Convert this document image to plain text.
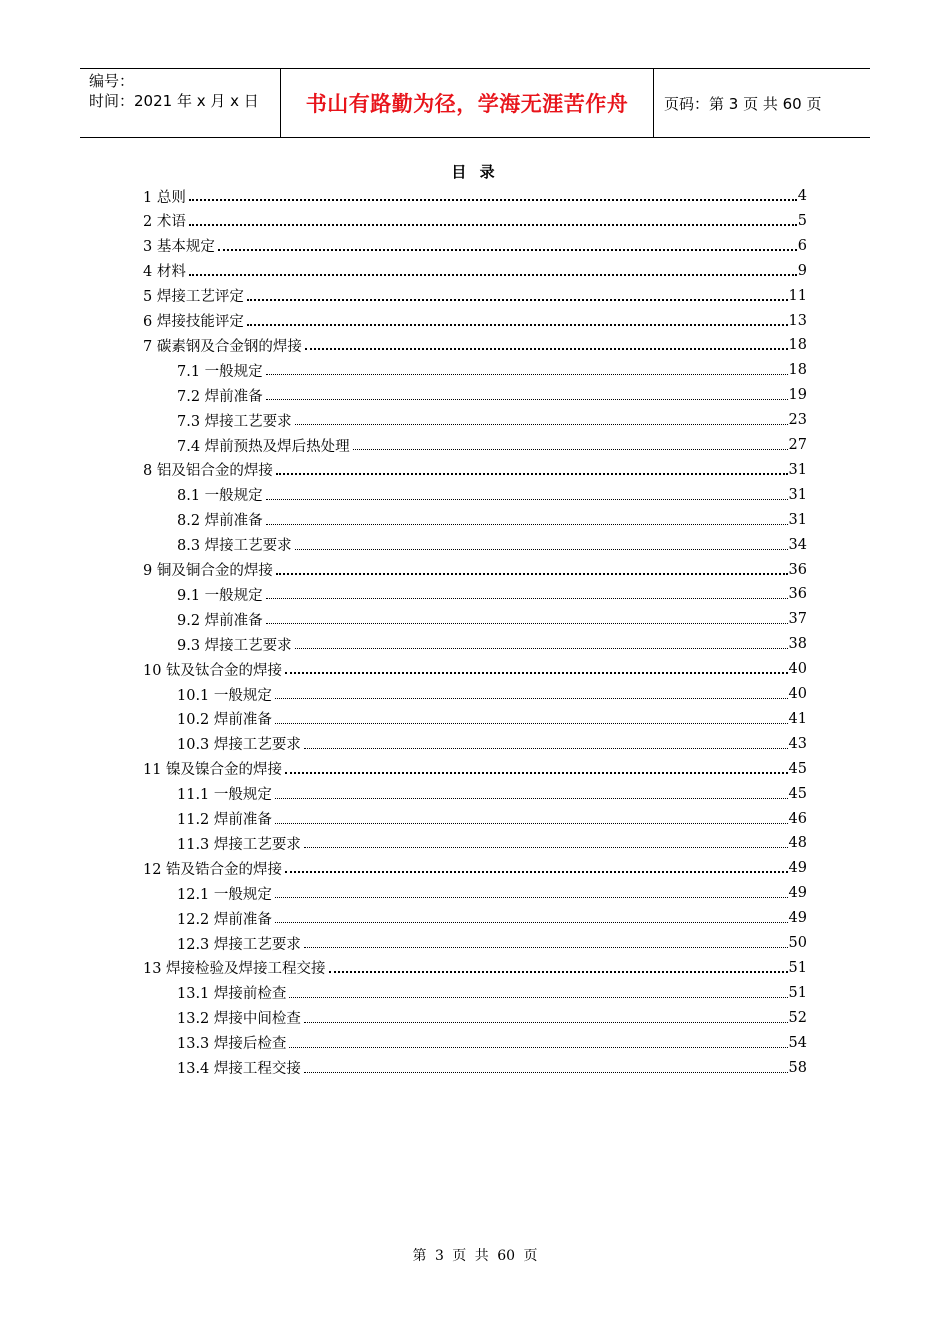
编号：
时间：2021 年 x 月 x 日	书山有路勤为径，学海无涯苦作舟	页码：第 3 页 共 60 页
目 录
1 总则	4
2 术语	5
3 基本规定	6
4 材料	9
5 焊接工艺评定	11
6 焊接技能评定	13
7 碳素钢及合金钢的焊接	18
7.1 一般规定	18
7.2 焊前准备	19
7.3 焊接工艺要求	23
7.4 焊前预热及焊后热处理	27
8 铝及铝合金的焊接	31
8.1 一般规定	31
8.2 焊前准备	31
8.3 焊接工艺要求	34
9 铜及铜合金的焊接	36
9.1 一般规定	36
9.2 焊前准备	37
9.3 焊接工艺要求	38
10 钛及钛合金的焊接	40
10.1 一般规定	40
10.2 焊前准备	41
10.3 焊接工艺要求	43
11 镍及镍合金的焊接	45
11.1 一般规定	45
11.2 焊前准备	46
11.3 焊接工艺要求	48
12 锆及锆合金的焊接	49
12.1 一般规定	49
12.2 焊前准备	49
12.3 焊接工艺要求	50
13 焊接检验及焊接工程交接	51
13.1 焊接前检查	51
13.2 焊接中间检查	52
13.3 焊接后检查	54
13.4 焊接工程交接	58
第 3 页 共 60 页
